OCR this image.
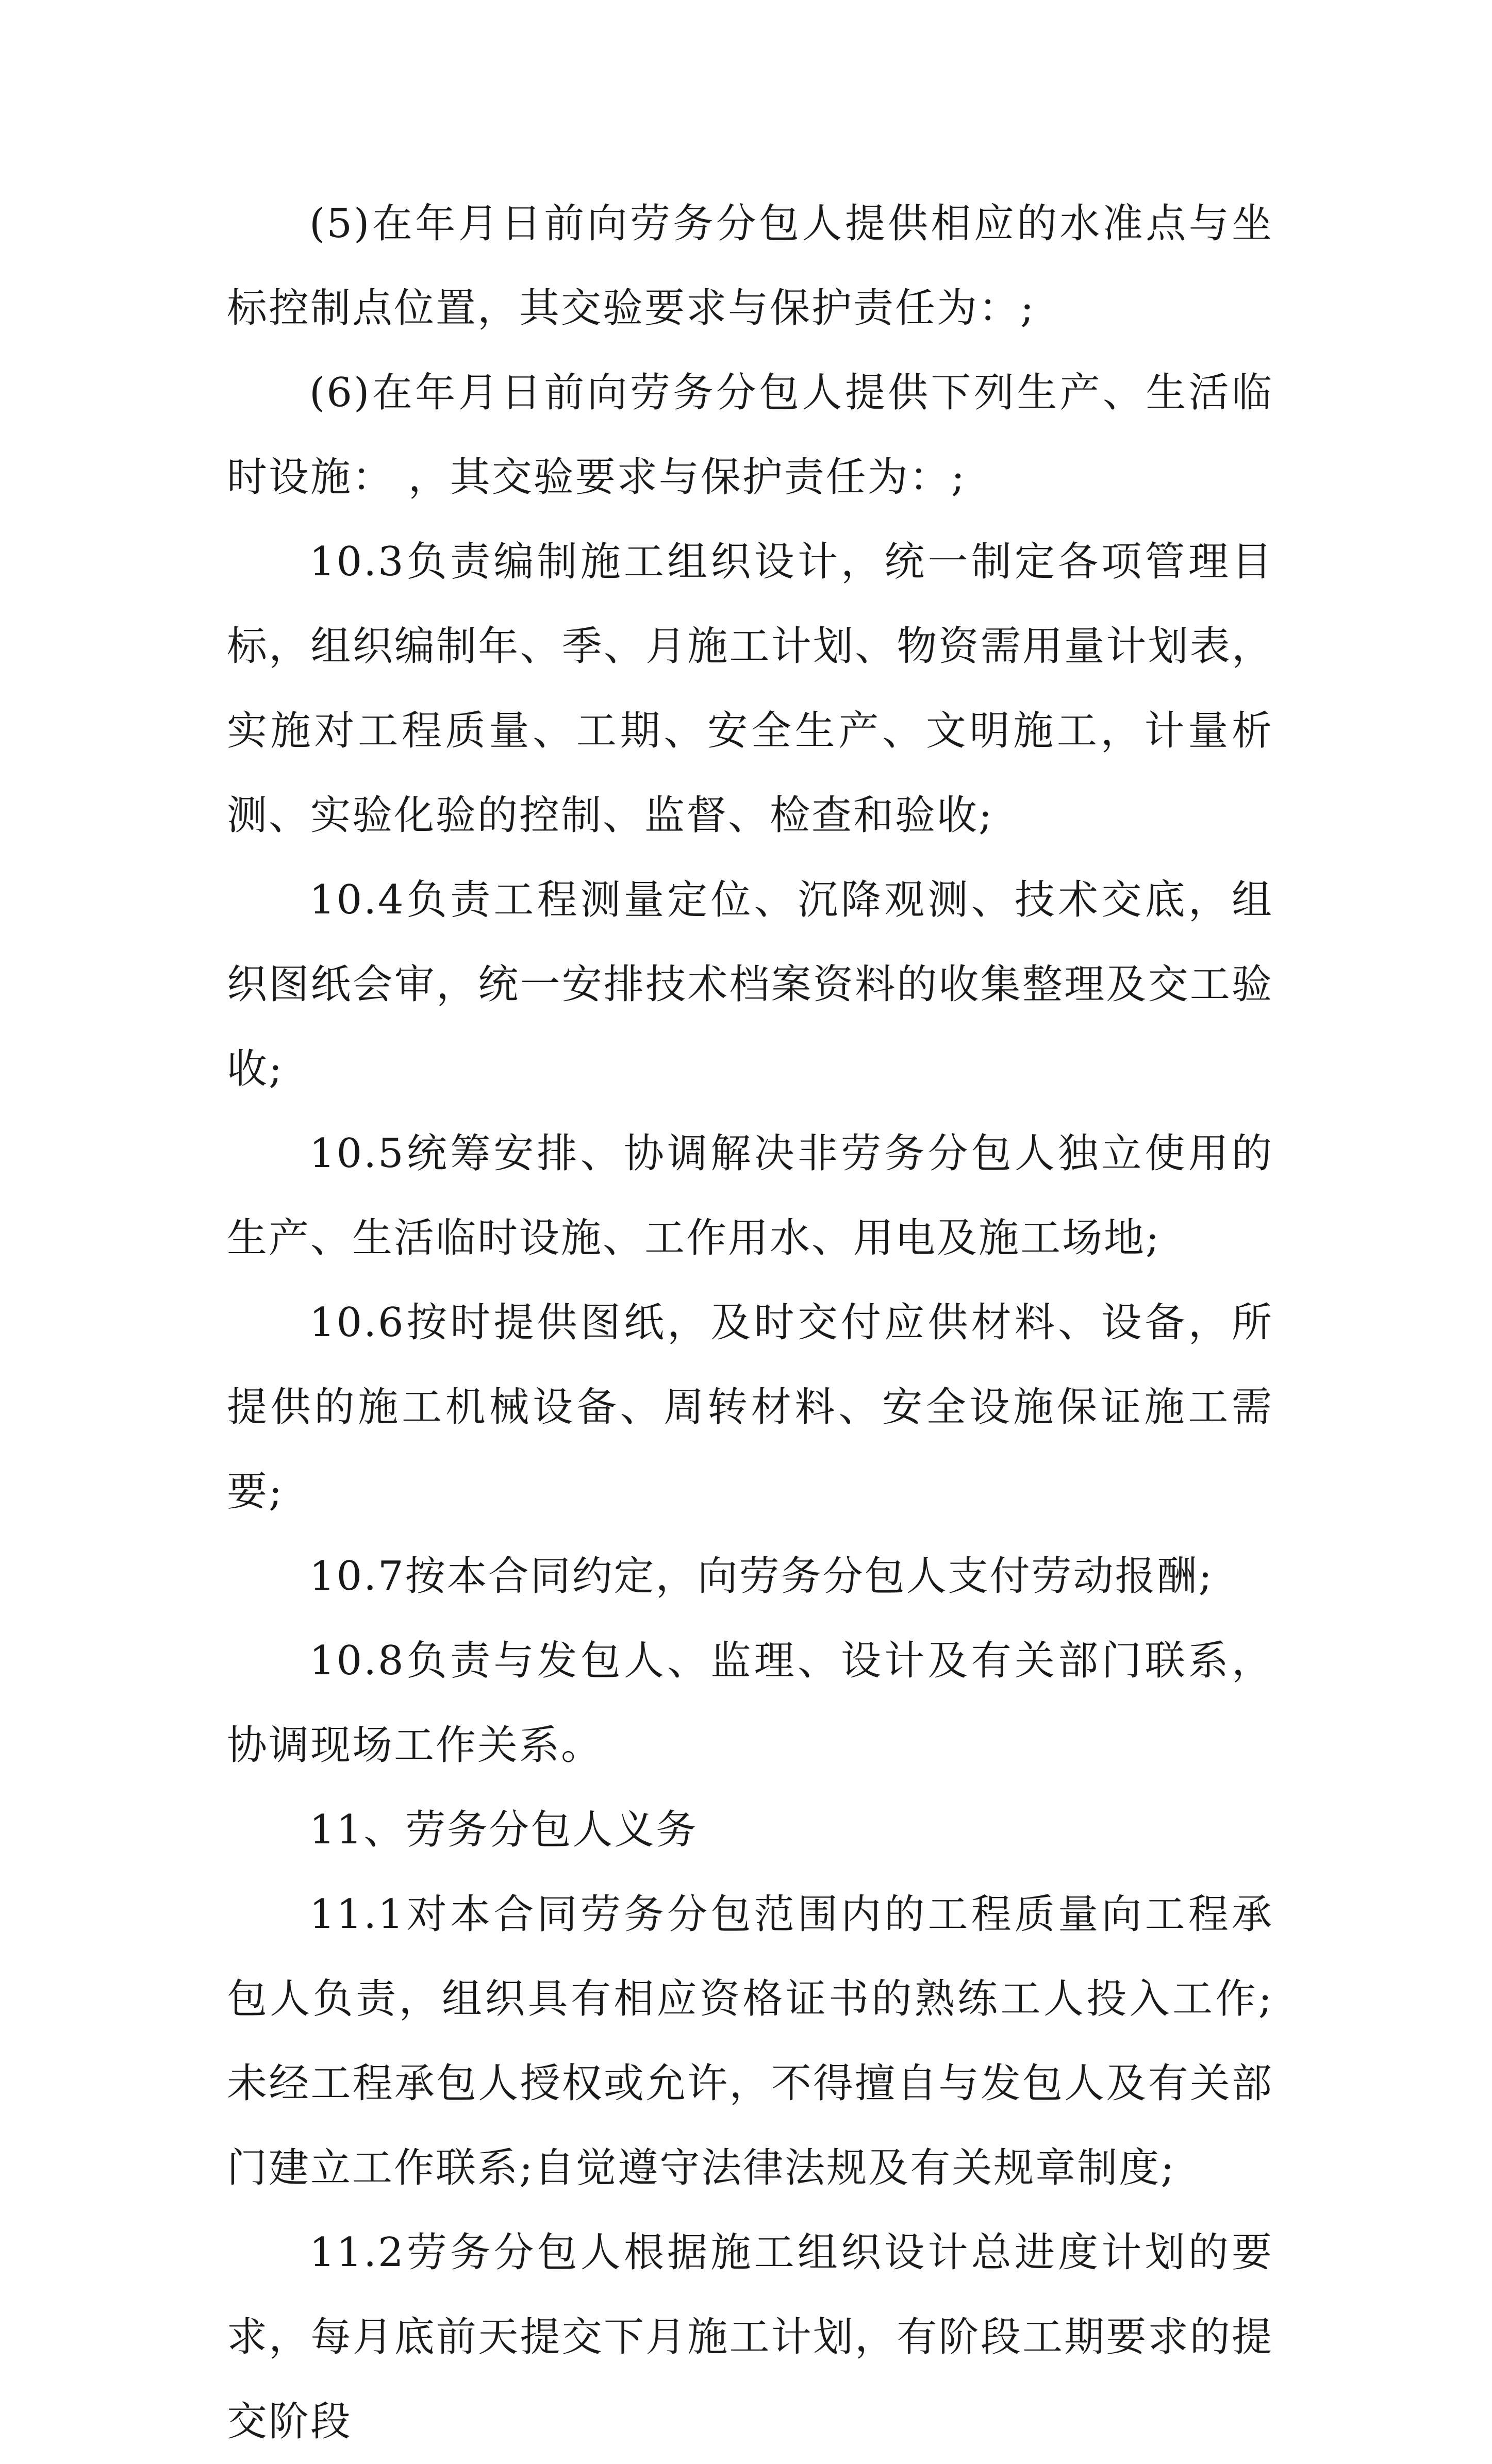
(5)在年月日前向劳务分包人提供相应的水准点与坐标控制点位置，其交验要求与保护责任为：;

(6)在年月日前向劳务分包人提供下列生产、生活临时设施： ，其交验要求与保护责任为：;

10.3负责编制施工组织设计，统一制定各项管理目标，组织编制年、季、月施工计划、物资需用量计划表，实施对工程质量、工期、安全生产、文明施工，计量析测、实验化验的控制、监督、检查和验收;

10.4负责工程测量定位、沉降观测、技术交底，组织图纸会审，统一安排技术档案资料的收集整理及交工验收;

10.5统筹安排、协调解决非劳务分包人独立使用的生产、生活临时设施、工作用水、用电及施工场地;

10.6按时提供图纸，及时交付应供材料、设备，所提供的施工机械设备、周转材料、安全设施保证施工需要;

10.7按本合同约定，向劳务分包人支付劳动报酬;

10.8负责与发包人、监理、设计及有关部门联系，协调现场工作关系。

11、劳务分包人义务

11.1对本合同劳务分包范围内的工程质量向工程承包人负责，组织具有相应资格证书的熟练工人投入工作;未经工程承包人授权或允许，不得擅自与发包人及有关部门建立工作联系;自觉遵守法律法规及有关规章制度;

11.2劳务分包人根据施工组织设计总进度计划的要求，每月底前天提交下月施工计划，有阶段工期要求的提交阶段
